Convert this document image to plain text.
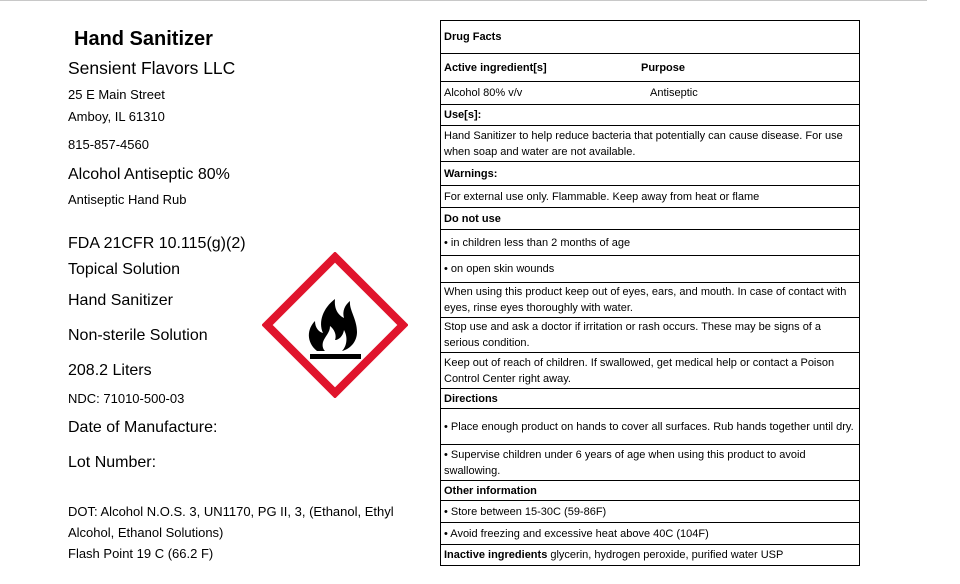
Hand Sanitizer
Sensient Flavors LLC
25 E Main Street
Amboy, IL 61310
815-857-4560
Alcohol Antiseptic 80%
Antiseptic Hand Rub
FDA 21CFR 10.115(g)(2)
Topical Solution
Hand Sanitizer
Non-sterile Solution
208.2 Liters
NDC: 71010-500-03
Date of Manufacture:
Lot Number:
DOT: Alcohol N.O.S. 3, UN1170, PG II, 3, (Ethanol, Ethyl Alcohol, Ethanol Solutions)
Flash Point 19 C (66.2 F)
Drug Facts
Active ingredient[s]	Purpose
Alcohol 80% v/v	Antiseptic
Use[s]:
Hand Sanitizer to help reduce bacteria that potentially can cause disease. For use when soap and water are not available.
Warnings:
For external use only. Flammable. Keep away from heat or flame
Do not use
• in children less than 2 months of age
• on open skin wounds
When using this product keep out of eyes, ears, and mouth. In case of contact with eyes, rinse eyes thoroughly with water.
Stop use and ask a doctor if irritation or rash occurs. These may be signs of a serious condition.
Keep out of reach of children. If swallowed, get medical help or contact a Poison Control Center right away.
Directions
• Place enough product on hands to cover all surfaces. Rub hands together until dry.
• Supervise children under 6 years of age when using this product to avoid swallowing.
Other information
• Store between 15-30C (59-86F)
• Avoid freezing and excessive heat above 40C (104F)
Inactive ingredients glycerin, hydrogen peroxide, purified water USP
